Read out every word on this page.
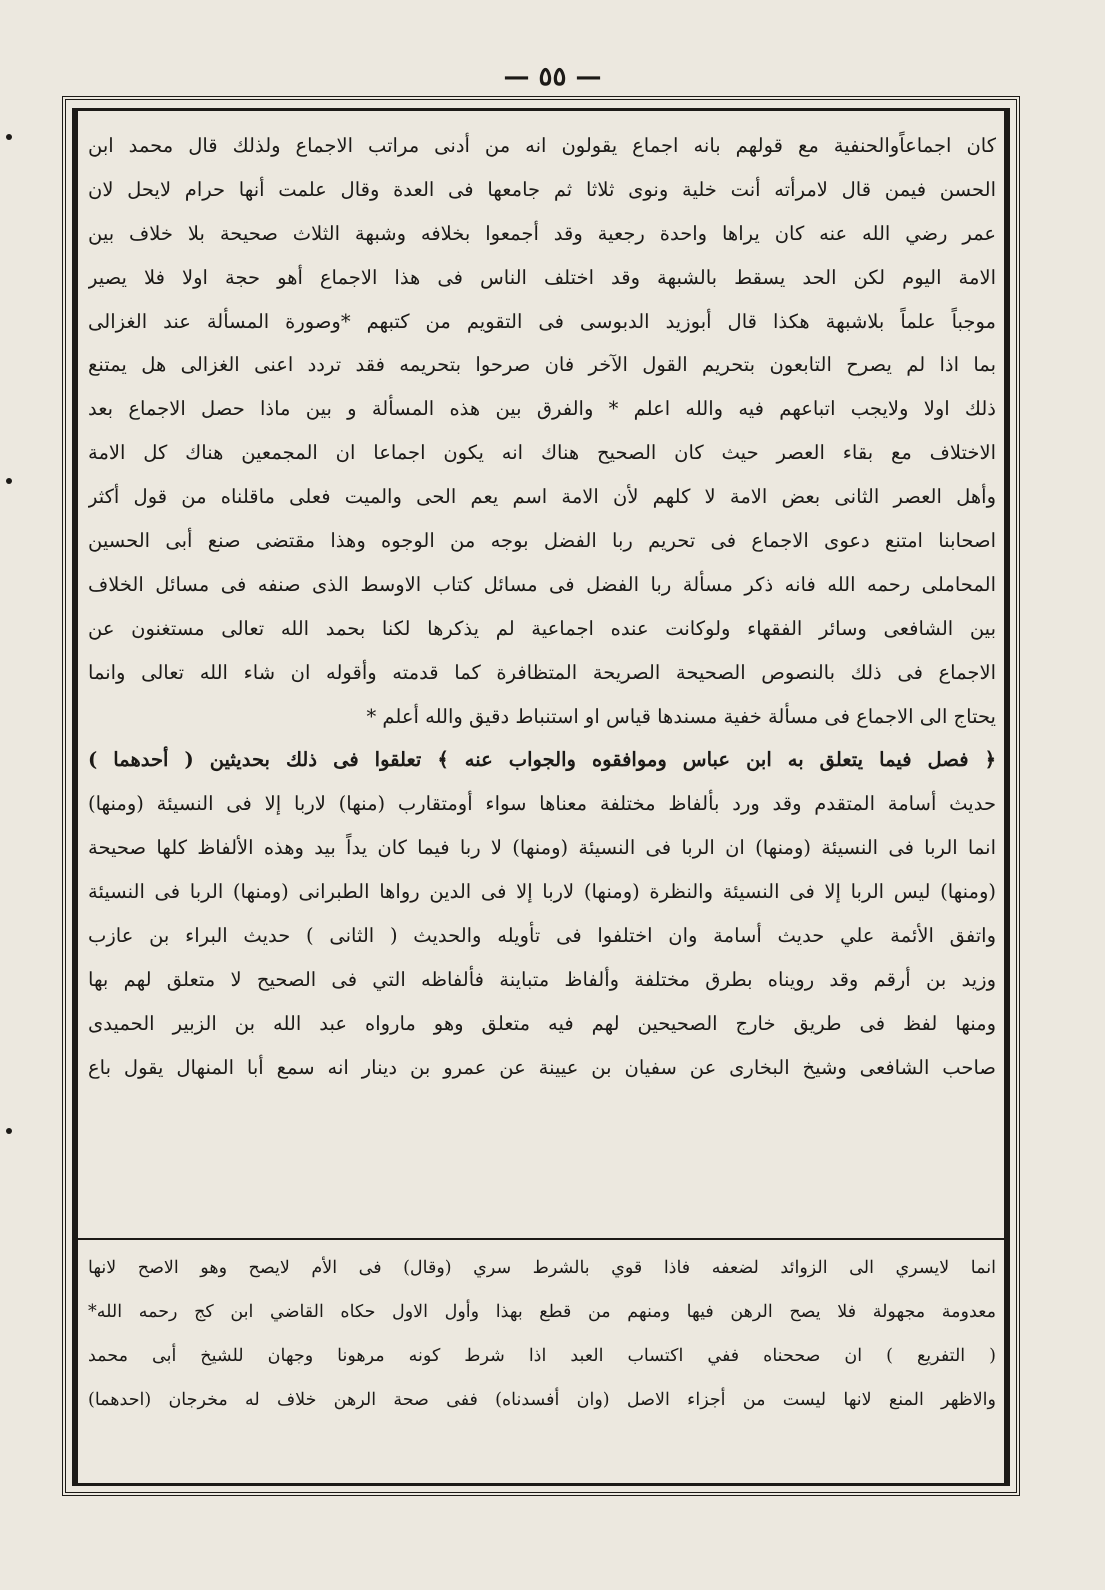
— ٥٥ —
كان اجماعاًوالحنفية مع قولهم بانه اجماع يقولون انه من أدنى مراتب الاجماع ولذلك قال محمد ابن
الحسن فيمن قال لامرأته أنت خلية ونوى ثلاثا ثم جامعها فى العدة وقال علمت أنها حرام لايحل لان
عمر رضي الله عنه كان يراها واحدة رجعية وقد أجمعوا بخلافه وشبهة الثلاث صحيحة بلا خلاف بين
الامة اليوم لكن الحد يسقط بالشبهة وقد اختلف الناس فى هذا الاجماع أهو حجة اولا فلا يصير
موجباً علماً بلاشبهة هكذا قال أبوزيد الدبوسى فى التقويم من كتبهم *وصورة المسألة عند الغزالى
بما اذا لم يصرح التابعون بتحريم القول الآخر فان صرحوا بتحريمه فقد تردد اعنى الغزالى هل يمتنع
ذلك اولا ولايجب اتباعهم فيه والله اعلم * والفرق بين هذه المسألة و بين ماذا حصل الاجماع بعد
الاختلاف مع بقاء العصر حيث كان الصحيح هناك انه يكون اجماعا ان المجمعين هناك كل الامة
وأهل العصر الثانى بعض الامة لا كلهم لأن الامة اسم يعم الحى والميت فعلى ماقلناه من قول أكثر
اصحابنا امتنع دعوى الاجماع فى تحريم ربا الفضل بوجه من الوجوه وهذا مقتضى صنع أبى الحسين
المحاملى رحمه الله فانه ذكر مسألة ربا الفضل فى مسائل كتاب الاوسط الذى صنفه فى مسائل الخلاف
بين الشافعى وسائر الفقهاء ولوكانت عنده اجماعية لم يذكرها لكنا بحمد الله تعالى مستغنون عن
الاجماع فى ذلك بالنصوص الصحيحة الصريحة المتظافرة كما قدمته وأقوله ان شاء الله تعالى وانما
يحتاج الى الاجماع فى مسألة خفية مسندها قياس او استنباط دقيق والله أعلم *
﴿ فصل فيما يتعلق به ابن عباس وموافقوه والجواب عنه ﴾ تعلقوا فى ذلك بحديثين ( أحدهما )
حديث أسامة المتقدم وقد ورد بألفاظ مختلفة معناها سواء أومتقارب (منها) لاربا إلا فى النسيئة (ومنها)
انما الربا فى النسيئة (ومنها) ان الربا فى النسيئة (ومنها) لا ربا فيما كان يداً بيد وهذه الألفاظ كلها صحيحة
(ومنها) ليس الربا إلا فى النسيئة والنظرة (ومنها) لاربا إلا فى الدين رواها الطبرانى (ومنها) الربا فى النسيئة
واتفق الأئمة علي حديث أسامة وان اختلفوا فى تأويله والحديث ( الثانى ) حديث البراء بن عازب
وزيد بن أرقم وقد رويناه بطرق مختلفة وألفاظ متباينة فألفاظه التي فى الصحيح لا متعلق لهم بها
ومنها لفظ فى طريق خارج الصحيحين لهم فيه متعلق وهو مارواه عبد الله بن الزبير الحميدى
صاحب الشافعى وشيخ البخارى عن سفيان بن عيينة عن عمرو بن دينار انه سمع أبا المنهال يقول باع
انما لايسري الى الزوائد لضعفه فاذا قوي بالشرط سري (وقال) فى الأم لايصح وهو الاصح لانها
معدومة مجهولة فلا يصح الرهن فيها ومنهم من قطع بهذا وأول الاول حكاه القاضي ابن كج رحمه الله*
( التفريع ) ان صححناه ففي اكتساب العبد اذا شرط كونه مرهونا وجهان للشيخ أبى محمد
والاظهر المنع لانها ليست من أجزاء الاصل (وان أفسدناه) ففى صحة الرهن خلاف له مخرجان (احدهما)
